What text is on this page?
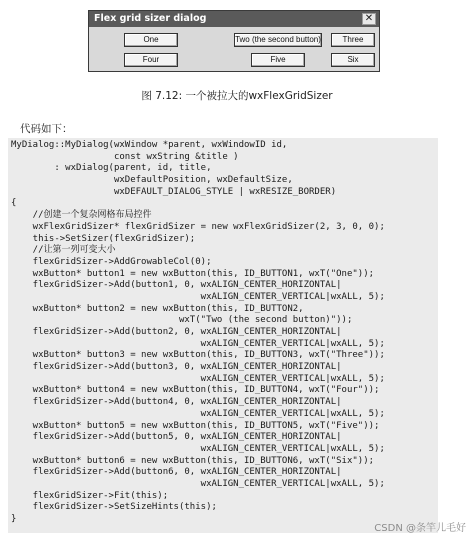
Flex grid sizer dialog	✕
One	Two (the second button)	Three
Four	Five	Six
图 7.12: 一个被拉大的wxFlexGridSizer
代码如下：
MyDialog::MyDialog(wxWindow *parent, wxWindowID id,
const wxString &title )
: wxDialog(parent, id, title,
wxDefaultPosition, wxDefaultSize,
wxDEFAULT_DIALOG_STYLE | wxRESIZE_BORDER)
{
//创建一个复杂网格布局控件
wxFlexGridSizer* flexGridSizer = new wxFlexGridSizer(2, 3, 0, 0);
this->SetSizer(flexGridSizer);
//让第一列可变大小
flexGridSizer->AddGrowableCol(0);
wxButton* button1 = new wxButton(this, ID_BUTTON1, wxT("One"));
flexGridSizer->Add(button1, 0, wxALIGN_CENTER_HORIZONTAL|
wxALIGN_CENTER_VERTICAL|wxALL, 5);
wxButton* button2 = new wxButton(this, ID_BUTTON2,
wxT("Two (the second button)"));
flexGridSizer->Add(button2, 0, wxALIGN_CENTER_HORIZONTAL|
wxALIGN_CENTER_VERTICAL|wxALL, 5);
wxButton* button3 = new wxButton(this, ID_BUTTON3, wxT("Three"));
flexGridSizer->Add(button3, 0, wxALIGN_CENTER_HORIZONTAL|
wxALIGN_CENTER_VERTICAL|wxALL, 5);
wxButton* button4 = new wxButton(this, ID_BUTTON4, wxT("Four"));
flexGridSizer->Add(button4, 0, wxALIGN_CENTER_HORIZONTAL|
wxALIGN_CENTER_VERTICAL|wxALL, 5);
wxButton* button5 = new wxButton(this, ID_BUTTON5, wxT("Five"));
flexGridSizer->Add(button5, 0, wxALIGN_CENTER_HORIZONTAL|
wxALIGN_CENTER_VERTICAL|wxALL, 5);
wxButton* button6 = new wxButton(this, ID_BUTTON6, wxT("Six"));
flexGridSizer->Add(button6, 0, wxALIGN_CENTER_HORIZONTAL|
wxALIGN_CENTER_VERTICAL|wxALL, 5);
flexGridSizer->Fit(this);
flexGridSizer->SetSizeHints(this);
}
CSDN @条竿儿毛好
